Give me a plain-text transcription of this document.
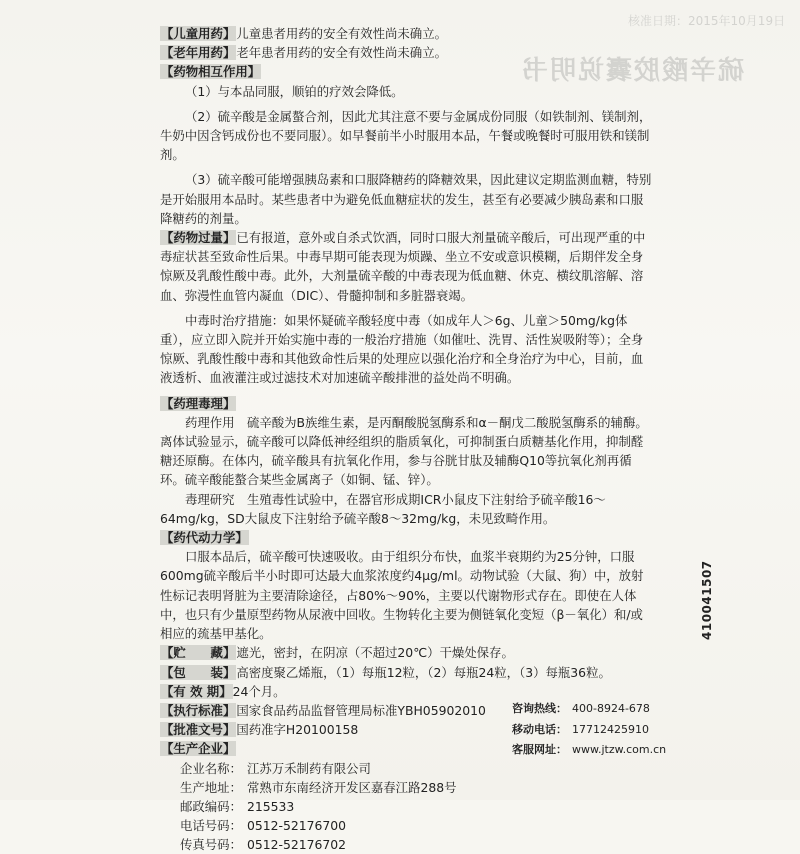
核准日期：2015年10月19日
硫辛酸胶囊说明书
【儿童用药】儿童患者用药的安全有效性尚未确立。
【老年用药】老年患者用药的安全有效性尚未确立。
【药物相互作用】
（1）与本品同服，顺铂的疗效会降低。
（2）硫辛酸是金属螯合剂，因此尤其注意不要与金属成份同服（如铁制剂、镁制剂，牛奶中因含钙成份也不要同服）。如早餐前半小时服用本品，午餐或晚餐时可服用铁和镁制剂。
（3）硫辛酸可能增强胰岛素和口服降糖药的降糖效果，因此建议定期监测血糖，特别是开始服用本品时。某些患者中为避免低血糖症状的发生，甚至有必要减少胰岛素和口服降糖药的剂量。
【药物过量】已有报道，意外或自杀式饮酒，同时口服大剂量硫辛酸后，可出现严重的中毒症状甚至致命性后果。中毒早期可能表现为烦躁、坐立不安或意识模糊，后期伴发全身惊厥及乳酸性酸中毒。此外，大剂量硫辛酸的中毒表现为低血糖、休克、横纹肌溶解、溶血、弥漫性血管内凝血（DIC）、骨髓抑制和多脏器衰竭。
中毒时治疗措施：如果怀疑硫辛酸轻度中毒（如成年人＞6g、儿童＞50mg/kg体重），应立即入院并开始实施中毒的一般治疗措施（如催吐、洗胃、活性炭吸附等）；全身惊厥、乳酸性酸中毒和其他致命性后果的处理应以强化治疗和全身治疗为中心，目前，血液透析、血液灌注或过滤技术对加速硫辛酸排泄的益处尚不明确。
【药理毒理】
药理作用　硫辛酸为B族维生素，是丙酮酸脱氢酶系和α－酮戊二酸脱氢酶系的辅酶。离体试验显示，硫辛酸可以降低神经组织的脂质氧化，可抑制蛋白质糖基化作用，抑制醛糖还原酶。在体内，硫辛酸具有抗氧化作用，参与谷胱甘肽及辅酶Q10等抗氧化剂再循环。硫辛酸能螯合某些金属离子（如铜、锰、锌）。
毒理研究　生殖毒性试验中，在器官形成期ICR小鼠皮下注射给予硫辛酸16～64mg/kg，SD大鼠皮下注射给予硫辛酸8～32mg/kg，未见致畸作用。
【药代动力学】
口服本品后，硫辛酸可快速吸收。由于组织分布快，血浆半衰期约为25分钟，口服600mg硫辛酸后半小时即可达最大血浆浓度约4μg/ml。动物试验（大鼠、狗）中，放射性标记表明肾脏为主要清除途径，占80%～90%，主要以代谢物形式存在。即使在人体中，也只有少量原型药物从尿液中回收。生物转化主要为侧链氧化变短（β－氧化）和/或相应的巯基甲基化。
【贮　　藏】遮光，密封，在阴凉（不超过20℃）干燥处保存。
【包　　装】高密度聚乙烯瓶，（1）每瓶12粒，（2）每瓶24粒，（3）每瓶36粒。
【有 效 期】24个月。
【执行标准】国家食品药品监督管理局标准YBH05902010
【批准文号】国药准字H20100158
【生产企业】
企业名称： 江苏万禾制药有限公司
生产地址： 常熟市东南经济开发区嘉春江路288号
邮政编码： 215533
电话号码： 0512-52176700
传真号码： 0512-52176702
咨询热线： 400-8924-678
移动电话： 17712425910
客服网址： www.jtzw.com.cn
410041507
